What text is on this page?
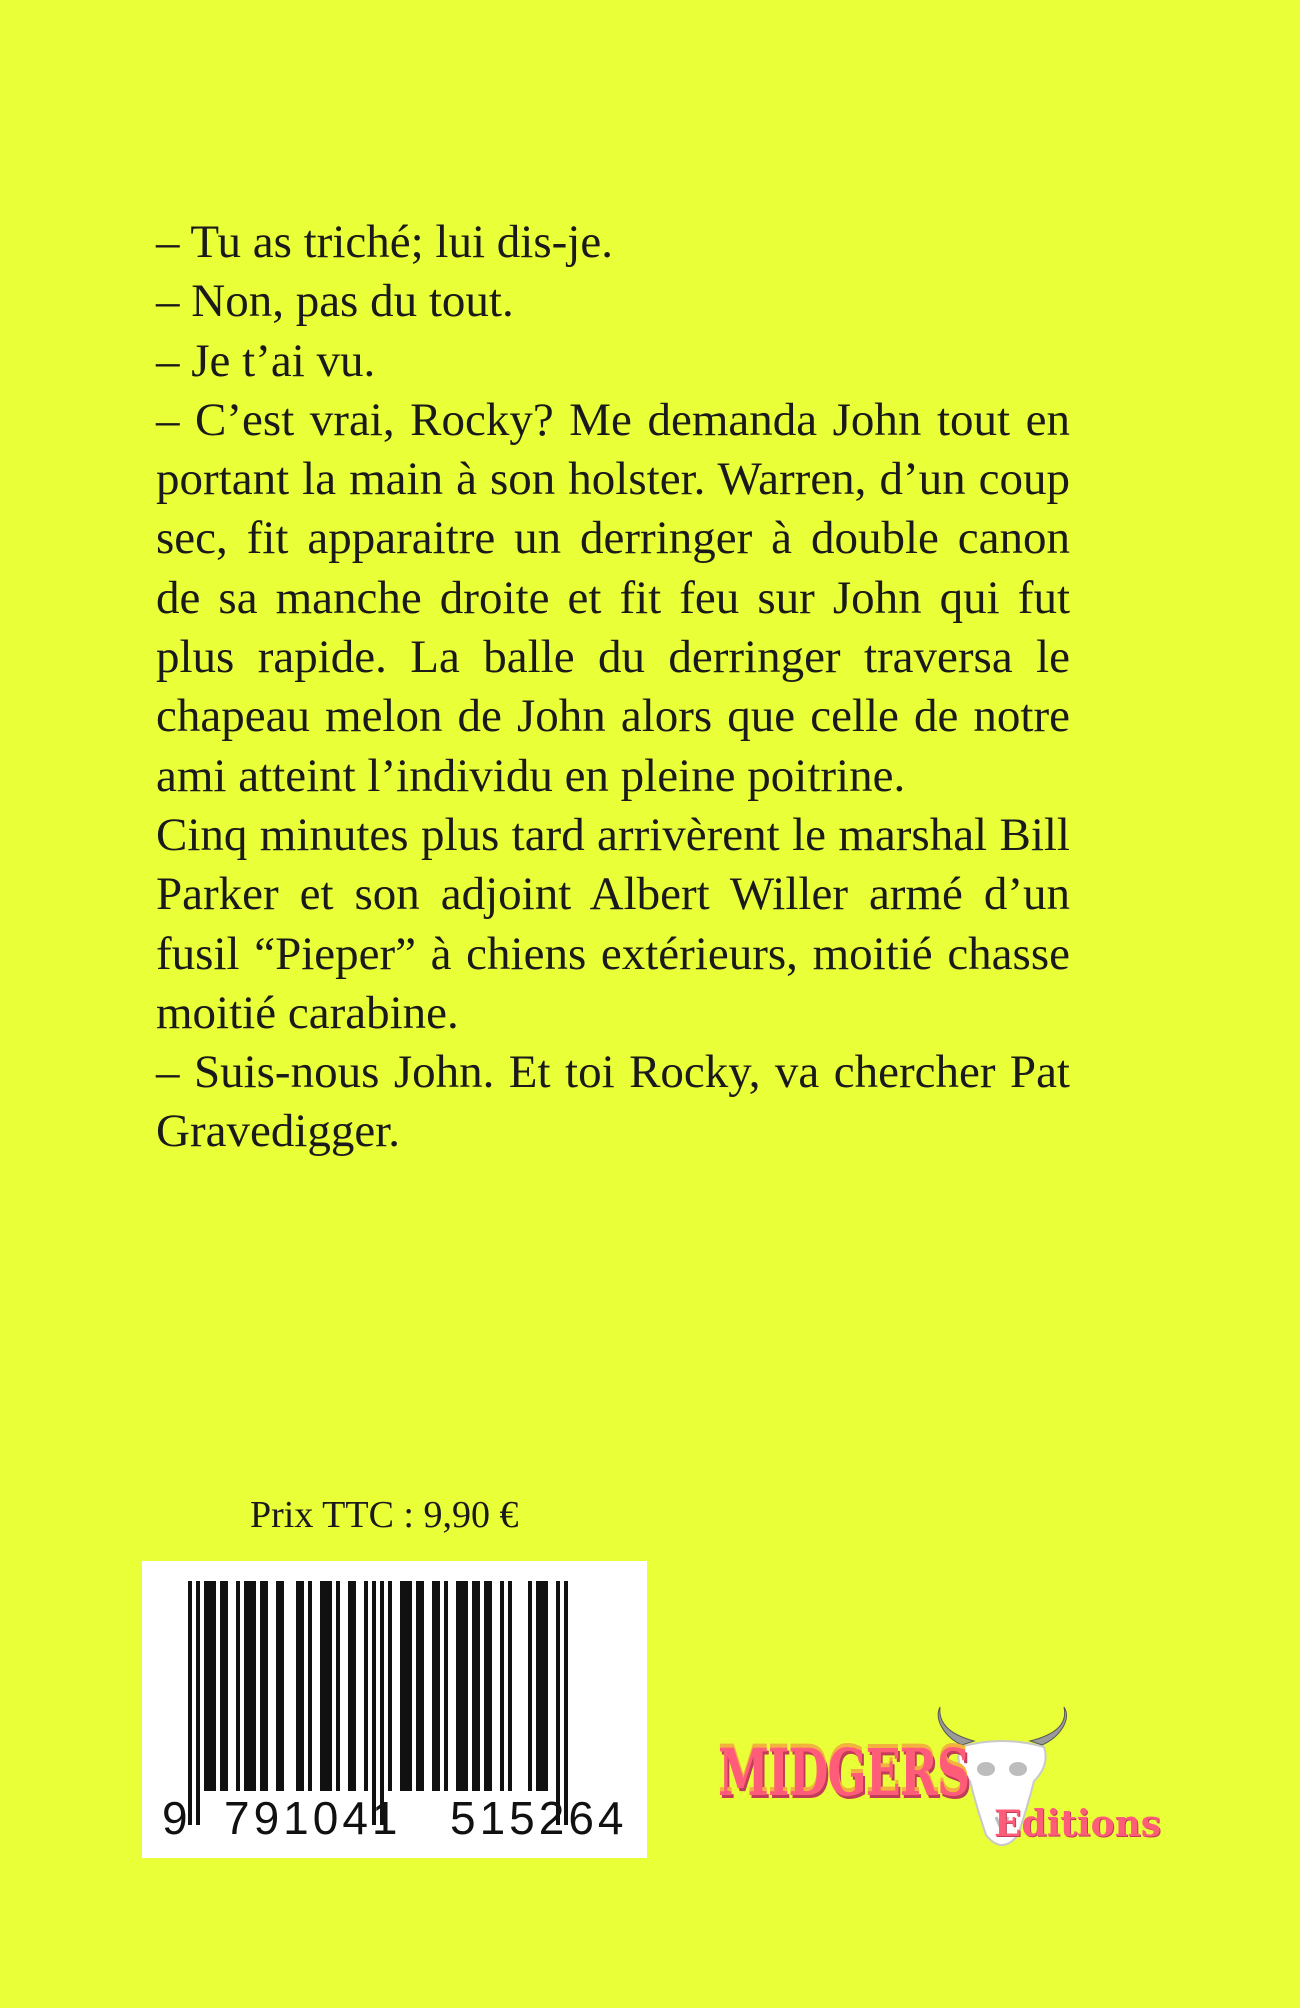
– Tu as triché; lui dis-je.
– Non, pas du tout.
– Je t’ai vu.
– C’est vrai, Rocky? Me demanda John tout en portant la main à son holster. Warren, d’un coup sec, fit apparaitre un derringer à double canon de sa manche droite et fit feu sur John qui fut plus rapide. La balle du derringer traversa le chapeau melon de John alors que celle de notre ami atteint l’individu en pleine poitrine.
Cinq minutes plus tard arrivèrent le marshal Bill Parker et son adjoint Albert Willer armé d’un fusil “Pieper” à chiens extérieurs, moitié chasse moitié carabine.
– Suis-nous John. Et toi Rocky, va chercher Pat Gravedigger.
Prix TTC : 9,90 €
9 791041 515264
MIDGERS
Editions
